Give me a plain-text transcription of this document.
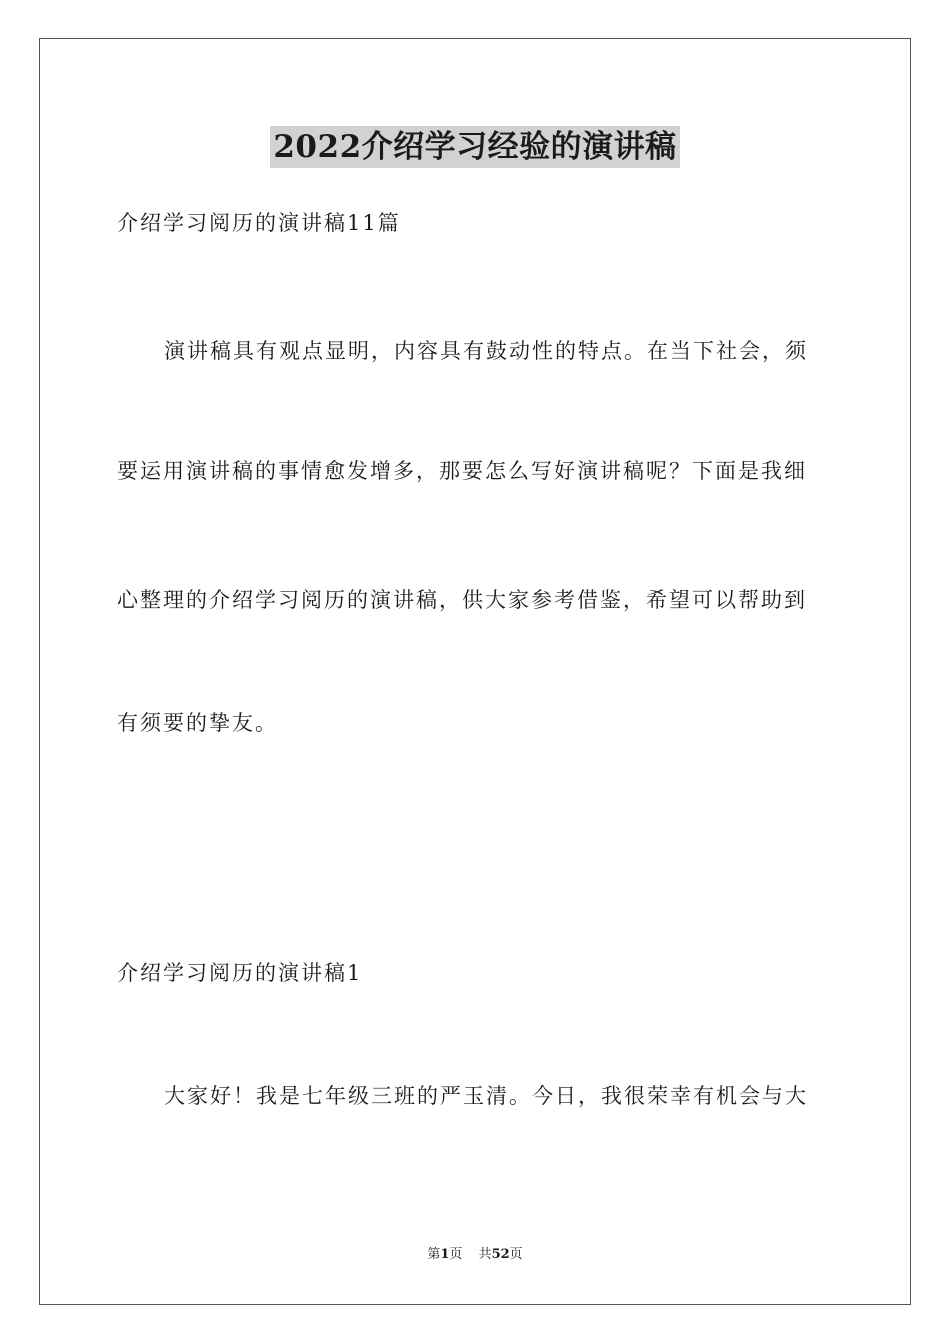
2022介绍学习经验的演讲稿
介绍学习阅历的演讲稿11篇
演讲稿具有观点显明，内容具有鼓动性的特点。在当下社会，须
要运用演讲稿的事情愈发增多，那要怎么写好演讲稿呢？下面是我细
心整理的介绍学习阅历的演讲稿，供大家参考借鉴，希望可以帮助到
有须要的挚友。
介绍学习阅历的演讲稿1
大家好！我是七年级三班的严玉清。今日，我很荣幸有机会与大
第1页 共52页
